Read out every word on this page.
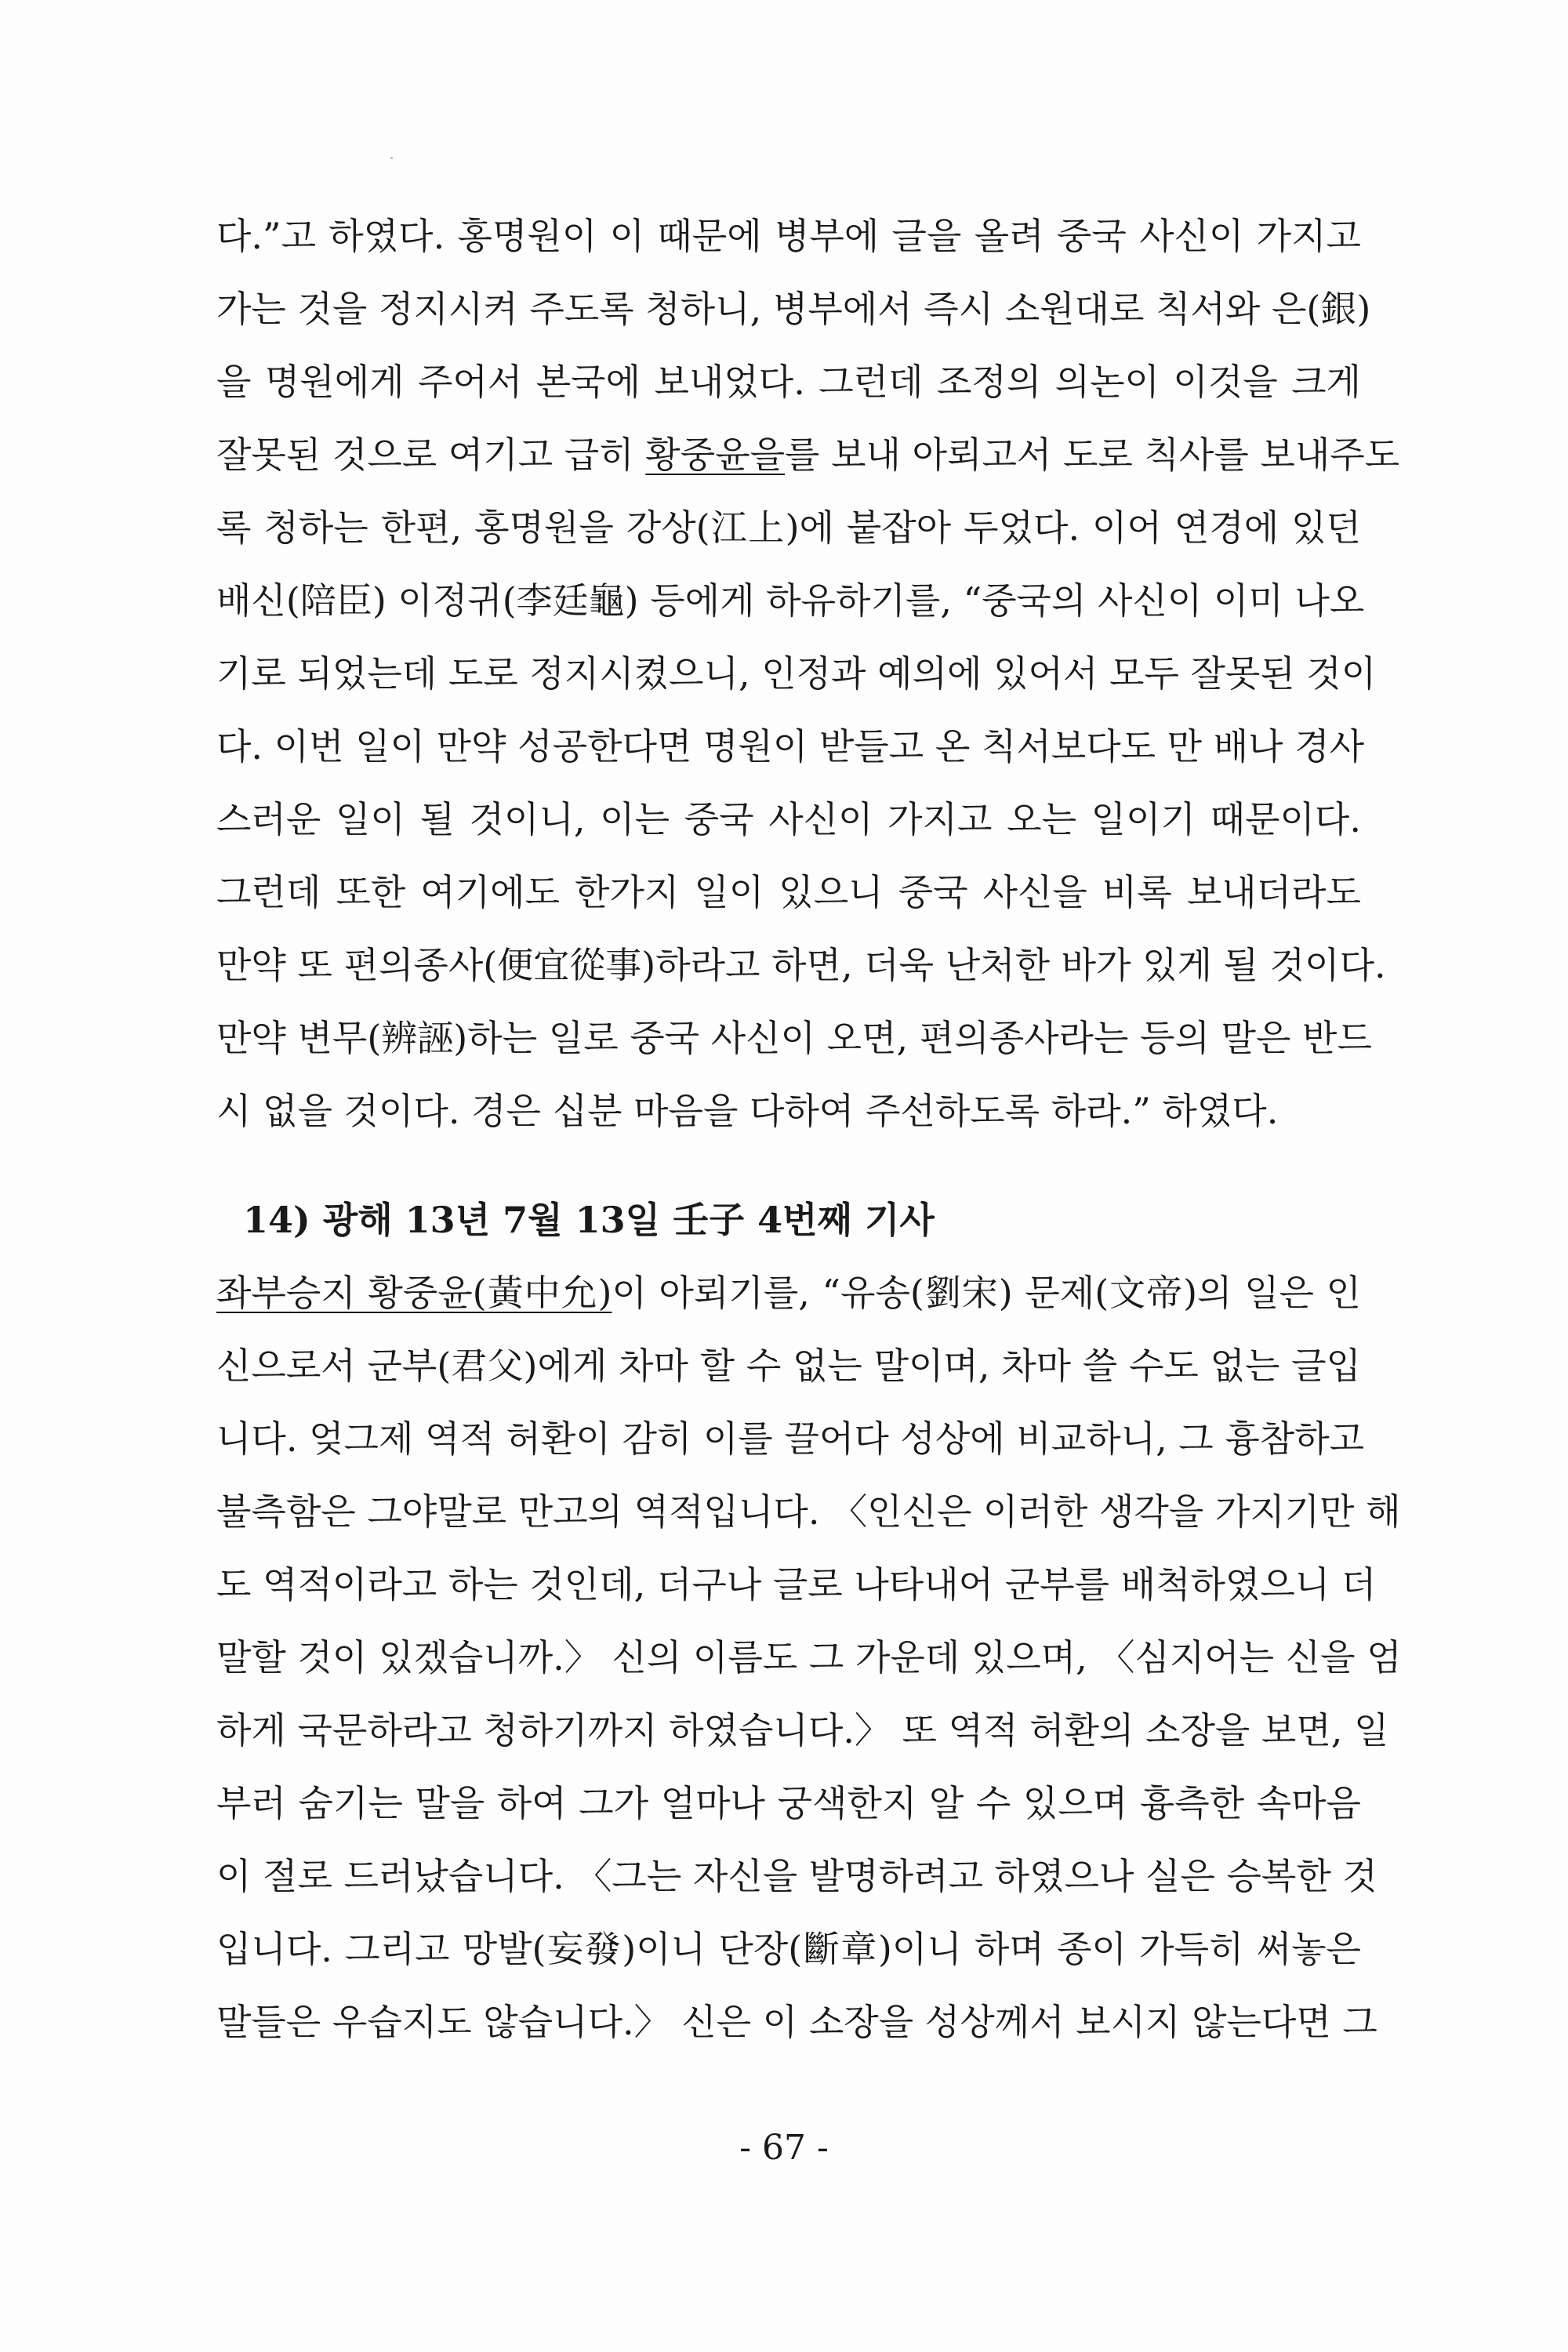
다.”고 하였다. 홍명원이 이 때문에 병부에 글을 올려 중국 사신이 가지고
가는 것을 정지시켜 주도록 청하니, 병부에서 즉시 소원대로 칙서와 은(銀)
을 명원에게 주어서 본국에 보내었다. 그런데 조정의 의논이 이것을 크게
잘못된 것으로 여기고 급히 황중윤을를 보내 아뢰고서 도로 칙사를 보내주도
록 청하는 한편, 홍명원을 강상(江上)에 붙잡아 두었다. 이어 연경에 있던
배신(陪臣) 이정귀(李廷龜) 등에게 하유하기를, “중국의 사신이 이미 나오
기로 되었는데 도로 정지시켰으니, 인정과 예의에 있어서 모두 잘못된 것이
다. 이번 일이 만약 성공한다면 명원이 받들고 온 칙서보다도 만 배나 경사
스러운 일이 될 것이니, 이는 중국 사신이 가지고 오는 일이기 때문이다.
그런데 또한 여기에도 한가지 일이 있으니 중국 사신을 비록 보내더라도
만약 또 편의종사(便宜從事)하라고 하면, 더욱 난처한 바가 있게 될 것이다.
만약 변무(辨誣)하는 일로 중국 사신이 오면, 편의종사라는 등의 말은 반드
시 없을 것이다. 경은 십분 마음을 다하여 주선하도록 하라.” 하였다.
14) 광해 13년 7월 13일 壬子 4번째 기사
좌부승지 황중윤(黃中允)이 아뢰기를, “유송(劉宋) 문제(文帝)의 일은 인
신으로서 군부(君父)에게 차마 할 수 없는 말이며, 차마 쓸 수도 없는 글입
니다. 엊그제 역적 허환이 감히 이를 끌어다 성상에 비교하니, 그 흉참하고
불측함은 그야말로 만고의 역적입니다. 〈인신은 이러한 생각을 가지기만 해
도 역적이라고 하는 것인데, 더구나 글로 나타내어 군부를 배척하였으니 더
말할 것이 있겠습니까.〉 신의 이름도 그 가운데 있으며, 〈심지어는 신을 엄
하게 국문하라고 청하기까지 하였습니다.〉 또 역적 허환의 소장을 보면, 일
부러 숨기는 말을 하여 그가 얼마나 궁색한지 알 수 있으며 흉측한 속마음
이 절로 드러났습니다. 〈그는 자신을 발명하려고 하였으나 실은 승복한 것
입니다. 그리고 망발(妄發)이니 단장(斷章)이니 하며 종이 가득히 써놓은
말들은 우습지도 않습니다.〉 신은 이 소장을 성상께서 보시지 않는다면 그
- 67 -
